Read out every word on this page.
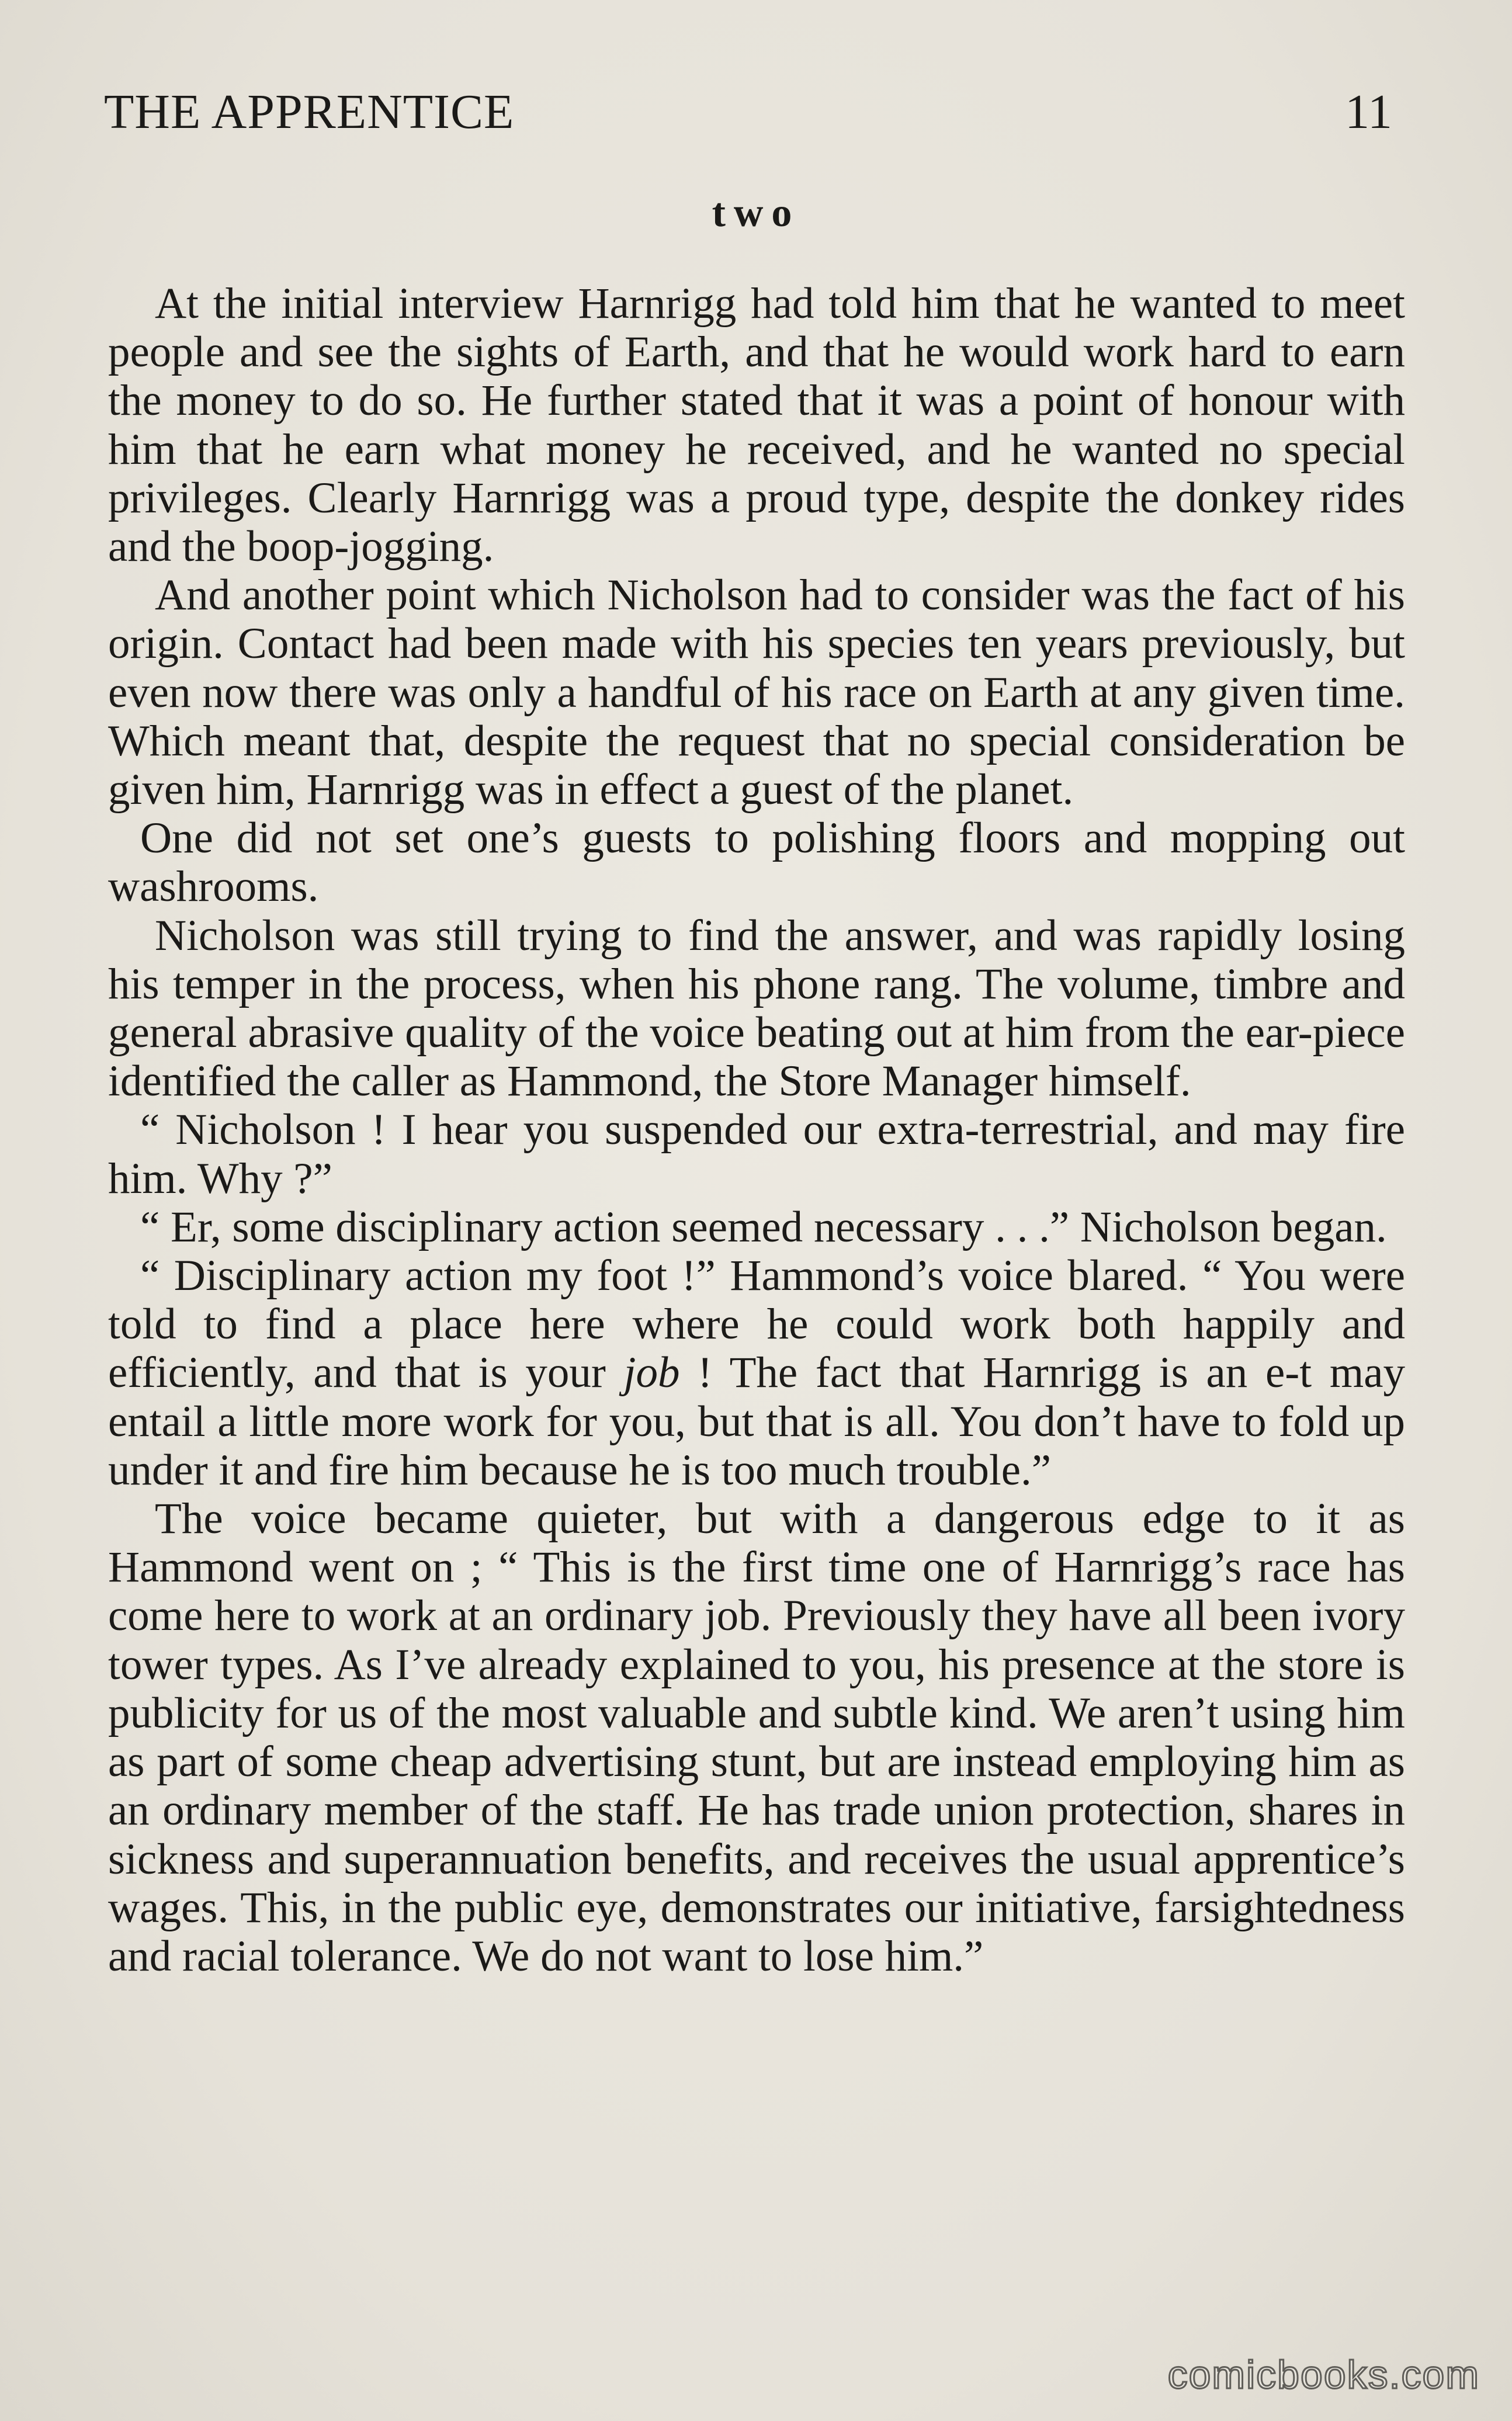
THE APPRENTICE	11
two

At the initial interview Harnrigg had told him that he wanted to meet people and see the sights of Earth, and that he would work hard to earn the money to do so. He further stated that it was a point of honour with him that he earn what money he received, and he wanted no special privileges. Clearly Harnrigg was a proud type, despite the donkey rides and the boop-jogging.

And another point which Nicholson had to consider was the fact of his origin. Contact had been made with his species ten years previously, but even now there was only a handful of his race on Earth at any given time. Which meant that, despite the request that no special consideration be given him, Harnrigg was in effect a guest of the planet.

One did not set one’s guests to polishing floors and mopping out washrooms.

Nicholson was still trying to find the answer, and was rapidly losing his temper in the process, when his phone rang. The volume, timbre and general abrasive quality of the voice beating out at him from the ear-piece identified the caller as Hammond, the Store Manager himself.

“ Nicholson ! I hear you suspended our extra-terrestrial, and may fire him. Why ?”

“ Er, some disciplinary action seemed necessary . . .” Nicholson began.

“ Disciplinary action my foot !” Hammond’s voice blared. “ You were told to find a place here where he could work both happily and efficiently, and that is your job ! The fact that Harnrigg is an e-t may entail a little more work for you, but that is all. You don’t have to fold up under it and fire him because he is too much trouble.”

The voice became quieter, but with a dangerous edge to it as Hammond went on ; “ This is the first time one of Harnrigg’s race has come here to work at an ordinary job. Previously they have all been ivory tower types. As I’ve already explained to you, his presence at the store is publicity for us of the most valuable and subtle kind. We aren’t using him as part of some cheap advertising stunt, but are instead employing him as an ordinary member of the staff. He has trade union protection, shares in sickness and superannuation benefits, and receives the usual apprentice’s wages. This, in the public eye, demonstrates our initiative, farsightedness and racial tolerance. We do not want to lose him.”

comicbooks.com
